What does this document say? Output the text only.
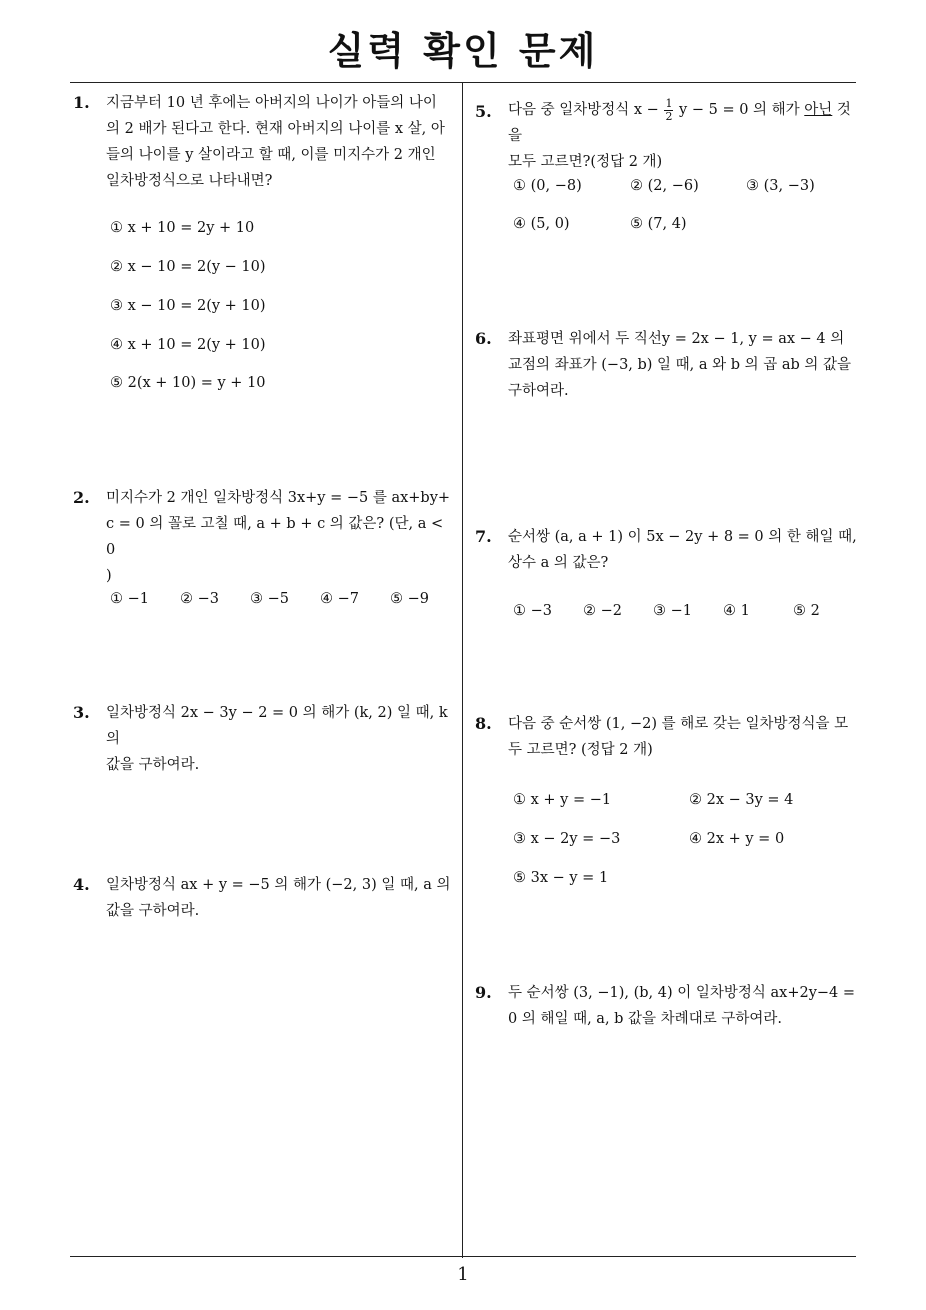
실력 확인 문제
1
1. 지금부터 10 년 후에는 아버지의 나이가 아들의 나이
의 2 배가 된다고 한다. 현재 아버지의 나이를 x 살, 아
들의 나이를 y 살이라고 할 때, 이를 미지수가 2 개인
일차방정식으로 나타내면?
① x + 10 = 2y + 10
② x − 10 = 2(y − 10)
③ x − 10 = 2(y + 10)
④ x + 10 = 2(y + 10)
⑤ 2(x + 10) = y + 10
2. 미지수가 2 개인 일차방정식 3x+y = −5 를 ax+by+
c = 0 의 꼴로 고칠 때, a + b + c 의 값은? (단, a < 0
)
① −1 ② −3 ③ −5 ④ −7 ⑤ −9
3. 일차방정식 2x − 3y − 2 = 0 의 해가 (k, 2) 일 때, k 의
값을 구하여라.
4. 일차방정식 ax + y = −5 의 해가 (−2, 3) 일 때, a 의
값을 구하여라.
5. 다음 중 일차방정식 $x - \frac{1}{2}$ y − 5 = 0 의 해가 아닌 것을
모두 고르면?(정답 2 개)
① (0, −8)	② (2, −6)	③ (3, −3)
④ (5, 0)	⑤ (7, 4)
6. 좌표평면 위에서 두 직선y = 2x − 1, y = ax − 4 의
교점의 좌표가 (−3, b) 일 때, a 와 b 의 곱 ab 의 값을
구하여라.
7. 순서쌍 (a, a + 1) 이 5x − 2y + 8 = 0 의 한 해일 때,
상수 a 의 값은?
① −3 ② −2 ③ −1 ④ 1	⑤ 2
8. 다음 중 순서쌍 (1, −2) 를 해로 갖는 일차방정식을 모
두 고르면? (정답 2 개)
① x + y = −1	② 2x − 3y = 4
③ x − 2y = −3	④ 2x + y = 0
⑤ 3x − y = 1
9. 두 순서쌍 (3, −1), (b, 4) 이 일차방정식 ax+2y−4 =
0 의 해일 때, a, b 값을 차례대로 구하여라.
